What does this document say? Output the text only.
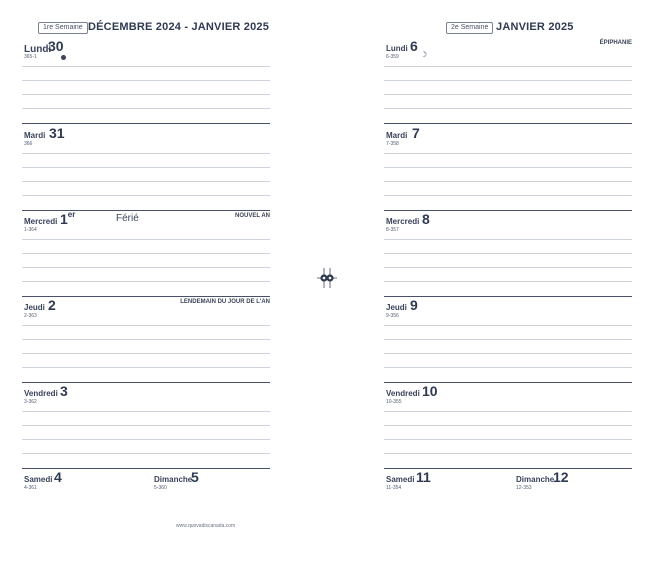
1re Semaine DÉCEMBRE 2024 - JANVIER 2025
Lundi
30
365-1
Mardi 31
366
Mercredi 1er	Férié	NOUVEL AN
1-364
Jeudi 2	LENDEMAIN DU JOUR DE L'AN
2-363
Vendredi 3
3-362
Samedi 4
4-361
Dimanche
5
5-360
www.quovadiscanada.com
2e Semaine JANVIER 2025
Lundi 6
6-359	☽
ÉPIPHANIE
Mardi 7
7-358
Mercredi 8
8-357
Jeudi 9
9-356
Vendredi 10
10-355
Samedi 11
11-354
Dimanche
12
12-353
